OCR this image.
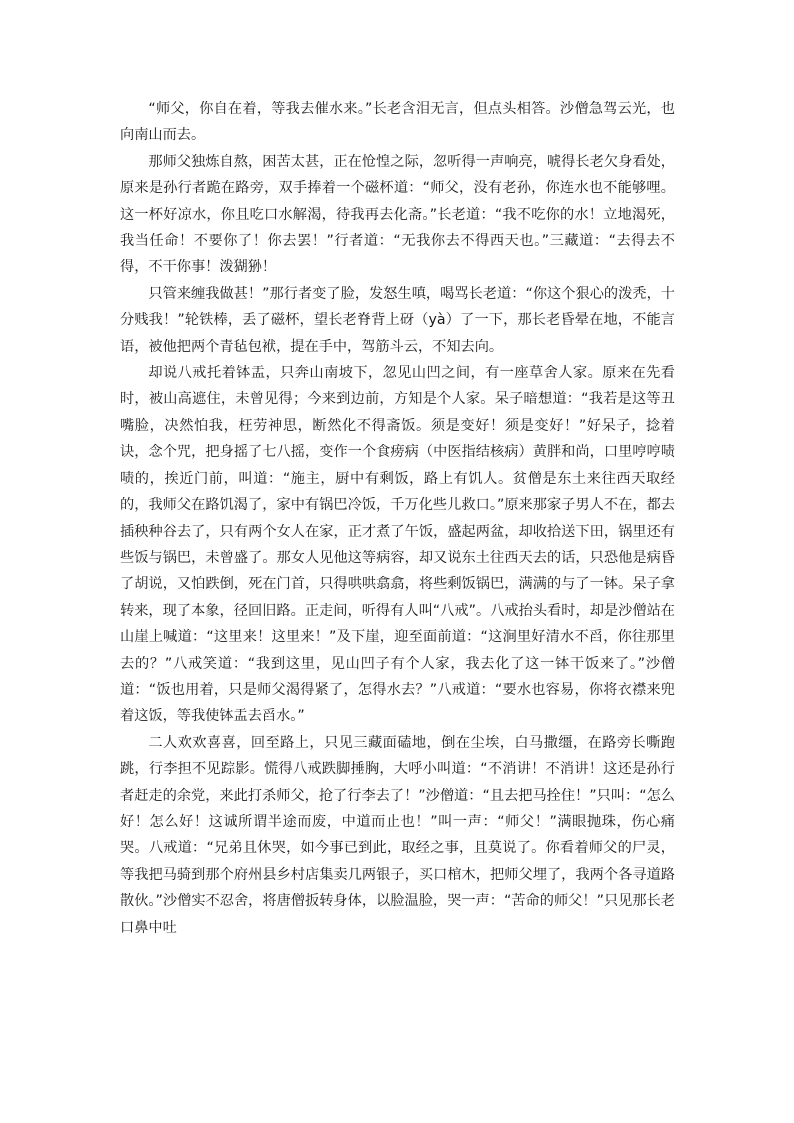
“师父，你自在着，等我去催水来。”长老含泪无言，但点头相答。沙僧急驾云光，也向南山而去。

那师父独炼自熬，困苦太甚，正在怆惶之际，忽听得一声响亮，唬得长老欠身看处，原来是孙行者跪在路旁，双手捧着一个磁杯道：“师父，没有老孙，你连水也不能够哩。这一杯好凉水，你且吃口水解渴，待我再去化斋。”长老道：“我不吃你的水！立地渴死，我当任命！不要你了！你去罢！”行者道：“无我你去不得西天也。”三藏道：“去得去不得，不干你事！泼猢狲！

只管来缠我做甚！”那行者变了脸，发怒生嗔，喝骂长老道：“你这个狠心的泼秃，十分贱我！”轮铁棒，丢了磁杯，望长老脊背上砑（yà）了一下，那长老昏晕在地，不能言语，被他把两个青毡包袱，提在手中，驾筋斗云，不知去向。

却说八戒托着钵盂，只奔山南坡下，忽见山凹之间，有一座草舍人家。原来在先看时，被山高遮住，未曾见得；今来到边前，方知是个人家。呆子暗想道：“我若是这等丑嘴脸，决然怕我，枉劳神思，断然化不得斋饭。须是变好！须是变好！”好呆子，捻着诀，念个咒，把身摇了七八摇，变作一个食痨病（中医指结核病）黄胖和尚，口里哼哼啧啧的，挨近门前，叫道：“施主，厨中有剩饭，路上有饥人。贫僧是东土来往西天取经的，我师父在路饥渴了，家中有锅巴冷饭，千万化些儿救口。”原来那家子男人不在，都去插秧种谷去了，只有两个女人在家，正才煮了午饭，盛起两盆，却收拾送下田，锅里还有些饭与锅巴，未曾盛了。那女人见他这等病容，却又说东土往西天去的话，只恐他是病昏了胡说，又怕跌倒，死在门首，只得哄哄翕翕，将些剩饭锅巴，满满的与了一钵。呆子拿转来，现了本象，径回旧路。正走间，听得有人叫“八戒”。八戒抬头看时，却是沙僧站在山崖上喊道：“这里来！这里来！”及下崖，迎至面前道：“这涧里好清水不舀，你往那里去的？”八戒笑道：“我到这里，见山凹子有个人家，我去化了这一钵干饭来了。”沙僧道：“饭也用着，只是师父渴得紧了，怎得水去？”八戒道：“要水也容易，你将衣襟来兜着这饭，等我使钵盂去舀水。”

二人欢欢喜喜，回至路上，只见三藏面磕地，倒在尘埃，白马撒缰，在路旁长嘶跑跳，行李担不见踪影。慌得八戒跌脚捶胸，大呼小叫道：“不消讲！不消讲！这还是孙行者赶走的余党，来此打杀师父，抢了行李去了！”沙僧道：“且去把马拴住！”只叫：“怎么好！怎么好！这诚所谓半途而废，中道而止也！”叫一声：“师父！”满眼抛珠，伤心痛哭。八戒道：“兄弟且休哭，如今事已到此，取经之事，且莫说了。你看着师父的尸灵，等我把马骑到那个府州县乡村店集卖几两银子，买口棺木，把师父埋了，我两个各寻道路散伙。”沙僧实不忍舍，将唐僧扳转身体，以脸温脸，哭一声：“苦命的师父！”只见那长老口鼻中吐
